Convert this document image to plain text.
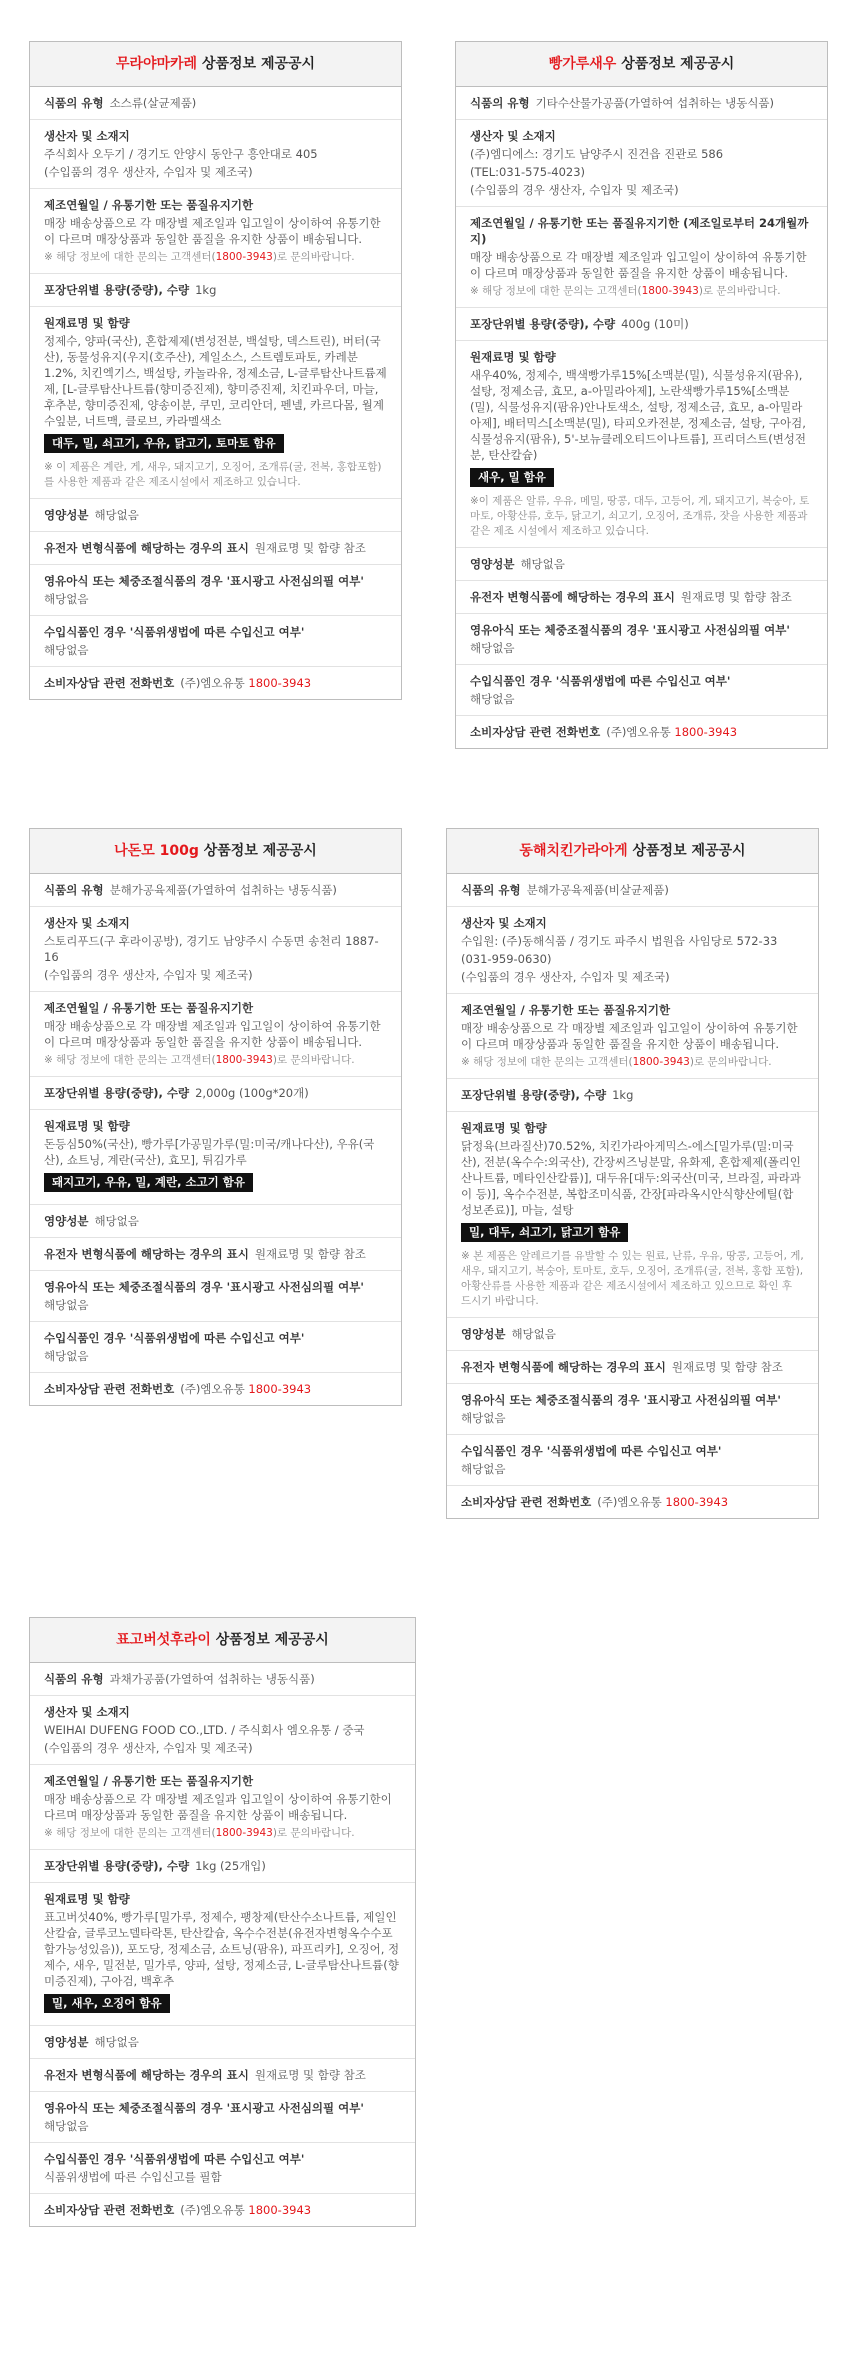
무라야마카레 상품정보 제공공시
식품의 유형 소스류(살균제품)
생산자 및 소재지
주식회사 오두기 / 경기도 안양시 동안구 흥안대로 405
(수입품의 경우 생산자, 수입자 및 제조국)
제조연월일 / 유통기한 또는 품질유지기한
매장 배송상품으로 각 매장별 제조일과 입고일이 상이하여 유통기한이 다르며 매장상품과 동일한 품질을 유지한 상품이 배송됩니다.
※ 해당 정보에 대한 문의는 고객센터(1800-3943)로 문의바랍니다.
포장단위별 용량(중량), 수량 1kg
원재료명 및 함량
정제수, 양파(국산), 혼합제제(변성전분, 백설탕, 덱스트린), 버터(국산), 동물성유지(우지(호주산), 계일소스, 스트렘토파토, 카레분1.2%, 치킨엑기스, 백설탕, 카놀라유, 정제소금, L-글루탐산나트륨제제, [L-글루탐산나트륨(향미증진제), 향미증진제, 치킨파우더, 마늘, 후추분, 향미증진제, 양송이분, 쿠민, 코리안더, 펜넬, 카르다몸, 월계수잎분, 너트맥, 클로브, 카라멜색소
대두, 밀, 쇠고기, 우유, 닭고기, 토마토 함유
※ 이 제품은 계란, 게, 새우, 돼지고기, 오징어, 조개류(굴, 전복, 홍합포함)를 사용한 제품과 같은 제조시설에서 제조하고 있습니다.
영양성분 해당없음
유전자 변형식품에 해당하는 경우의 표시 원재료명 및 함량 참조
영유아식 또는 체중조절식품의 경우 '표시광고 사전심의필 여부'
해당없음
수입식품인 경우 '식품위생법에 따른 수입신고 여부'
해당없음
소비자상담 관련 전화번호 (주)엠오유통 1800-3943
빵가루새우 상품정보 제공공시
식품의 유형 기타수산물가공품(가열하여 섭취하는 냉동식품)
생산자 및 소재지
(주)엠디에스: 경기도 남양주시 진건읍 진관로 586
(TEL:031-575-4023)
(수입품의 경우 생산자, 수입자 및 제조국)
제조연월일 / 유통기한 또는 품질유지기한 (제조일로부터 24개월까지)
매장 배송상품으로 각 매장별 제조일과 입고일이 상이하여 유통기한이 다르며 매장상품과 동일한 품질을 유지한 상품이 배송됩니다.
※ 해당 정보에 대한 문의는 고객센터(1800-3943)로 문의바랍니다.
포장단위별 용량(중량), 수량 400g (10미)
원재료명 및 함량
새우40%, 정제수, 백색빵가루15%[소맥분(밀), 식물성유지(팜유), 설탕, 정제소금, 효모, a-아밀라아제], 노란색빵가루15%[소맥분(밀), 식물성유지(팜유)안나토색소, 설탕, 정제소금, 효모, a-아밀라아제], 배터믹스[소맥분(밀), 타피오카전분, 정제소금, 설탕, 구아검, 식물성유지(팜유), 5'-보뉴클레오티드이나트륨], 프리더스트(변성전분, 탄산칼슘)
새우, 밀 함유
※이 제품은 알류, 우유, 메밀, 땅콩, 대두, 고등어, 게, 돼지고기, 복숭아, 토마토, 아황산류, 호두, 닭고기, 쇠고기, 오징어, 조개류, 잣을 사용한 제품과 같은 제조 시설에서 제조하고 있습니다.
영양성분 해당없음
유전자 변형식품에 해당하는 경우의 표시 원재료명 및 함량 참조
영유아식 또는 체중조절식품의 경우 '표시광고 사전심의필 여부'
해당없음
수입식품인 경우 '식품위생법에 따른 수입신고 여부'
해당없음
소비자상담 관련 전화번호 (주)엠오유통 1800-3943
나돈모 100g 상품정보 제공공시
식품의 유형 분해가공육제품(가열하여 섭취하는 냉동식품)
생산자 및 소재지
스토리푸드(구 후라이공방), 경기도 남양주시 수동면 송천리 1887-16
(수입품의 경우 생산자, 수입자 및 제조국)
제조연월일 / 유통기한 또는 품질유지기한
매장 배송상품으로 각 매장별 제조일과 입고일이 상이하여 유통기한이 다르며 매장상품과 동일한 품질을 유지한 상품이 배송됩니다.
※ 해당 정보에 대한 문의는 고객센터(1800-3943)로 문의바랍니다.
포장단위별 용량(중량), 수량 2,000g (100g*20개)
원재료명 및 함량
돈등심50%(국산), 빵가루[가공밀가루(밀:미국/캐나다산), 우유(국산), 쇼트닝, 계란(국산), 효모], 튀김가루
돼지고기, 우유, 밀, 계란, 소고기 함유
영양성분 해당없음
유전자 변형식품에 해당하는 경우의 표시 원재료명 및 함량 참조
영유아식 또는 체중조절식품의 경우 '표시광고 사전심의필 여부'
해당없음
수입식품인 경우 '식품위생법에 따른 수입신고 여부'
해당없음
소비자상담 관련 전화번호 (주)엠오유통 1800-3943
동해치킨가라아게 상품정보 제공공시
식품의 유형 분해가공육제품(비살균제품)
생산자 및 소재지
수입원: (주)동해식품 / 경기도 파주시 법원읍 사임당로 572-33
(031-959-0630)
(수입품의 경우 생산자, 수입자 및 제조국)
제조연월일 / 유통기한 또는 품질유지기한
매장 배송상품으로 각 매장별 제조일과 입고일이 상이하여 유통기한이 다르며 매장상품과 동일한 품질을 유지한 상품이 배송됩니다.
※ 해당 정보에 대한 문의는 고객센터(1800-3943)로 문의바랍니다.
포장단위별 용량(중량), 수량 1kg
원재료명 및 함량
닭정육(브라질산)70.52%, 치킨가라아게믹스-에스[밀가루(밀:미국산), 전분(옥수수:외국산), 간장씨즈닝분말, 유화제, 혼합제제(폴리인산나트륨, 메타인산칼륨)], 대두유[대두:외국산(미국, 브라질, 파라과이 등)], 옥수수전분, 복합조미식품, 간장[파라옥시안식향산에틸(합성보존료)], 마늘, 설탕
밀, 대두, 쇠고기, 닭고기 함유
※ 본 제품은 알레르기를 유발할 수 있는 원료, 난류, 우유, 땅콩, 고등어, 게, 새우, 돼지고기, 복숭아, 토마토, 호두, 오징어, 조개류(굴, 전복, 홍합 포함), 아황산류를 사용한 제품과 같은 제조시설에서 제조하고 있으므로 확인 후 드시기 바랍니다.
영양성분 해당없음
유전자 변형식품에 해당하는 경우의 표시 원재료명 및 함량 참조
영유아식 또는 체중조절식품의 경우 '표시광고 사전심의필 여부'
해당없음
수입식품인 경우 '식품위생법에 따른 수입신고 여부'
해당없음
소비자상담 관련 전화번호 (주)엠오유통 1800-3943
표고버섯후라이 상품정보 제공공시
식품의 유형 과채가공품(가열하여 섭취하는 냉동식품)
생산자 및 소재지
WEIHAI DUFENG FOOD CO.,LTD. / 주식회사 엠오유통 / 중국
(수입품의 경우 생산자, 수입자 및 제조국)
제조연월일 / 유통기한 또는 품질유지기한
매장 배송상품으로 각 매장별 제조일과 입고일이 상이하여 유통기한이 다르며 매장상품과 동일한 품질을 유지한 상품이 배송됩니다.
※ 해당 정보에 대한 문의는 고객센터(1800-3943)로 문의바랍니다.
포장단위별 용량(중량), 수량 1kg (25개입)
원재료명 및 함량
표고버섯40%, 빵가루[밀가루, 정제수, 팽창제(탄산수소나트륨, 제일인산칼슘, 글루코노델타락톤, 탄산칼슘, 옥수수전분(유전자변형옥수수포함가능성있음)), 포도당, 정제소금, 쇼트닝(팜유), 파프리카], 오징어, 정제수, 새우, 밀전분, 밀가루, 양파, 설탕, 정제소금, L-글루탐산나트륨(향미증진제), 구아검, 백후추
밀, 새우, 오징어 함유
영양성분 해당없음
유전자 변형식품에 해당하는 경우의 표시 원재료명 및 함량 참조
영유아식 또는 체중조절식품의 경우 '표시광고 사전심의필 여부'
해당없음
수입식품인 경우 '식품위생법에 따른 수입신고 여부'
식품위생법에 따른 수입신고를 필함
소비자상담 관련 전화번호 (주)엠오유통 1800-3943
